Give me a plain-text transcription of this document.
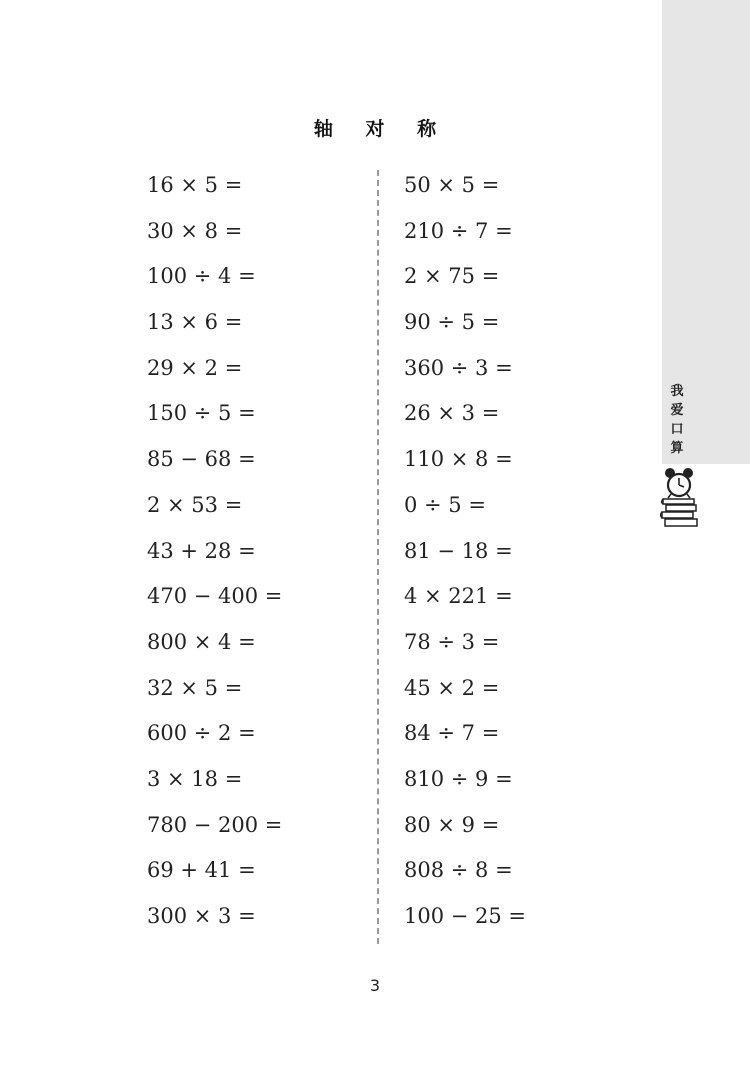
我
爱
口
算
轴 对 称
16 × 5 =
30 × 8 =
100 ÷ 4 =
13 × 6 =
29 × 2 =
150 ÷ 5 =
85 − 68 =
2 × 53 =
43 + 28 =
470 − 400 =
800 × 4 =
32 × 5 =
600 ÷ 2 =
3 × 18 =
780 − 200 =
69 + 41 =
300 × 3 =
50 × 5 =
210 ÷ 7 =
2 × 75 =
90 ÷ 5 =
360 ÷ 3 =
26 × 3 =
110 × 8 =
0 ÷ 5 =
81 − 18 =
4 × 221 =
78 ÷ 3 =
45 × 2 =
84 ÷ 7 =
810 ÷ 9 =
80 × 9 =
808 ÷ 8 =
100 − 25 =
3
